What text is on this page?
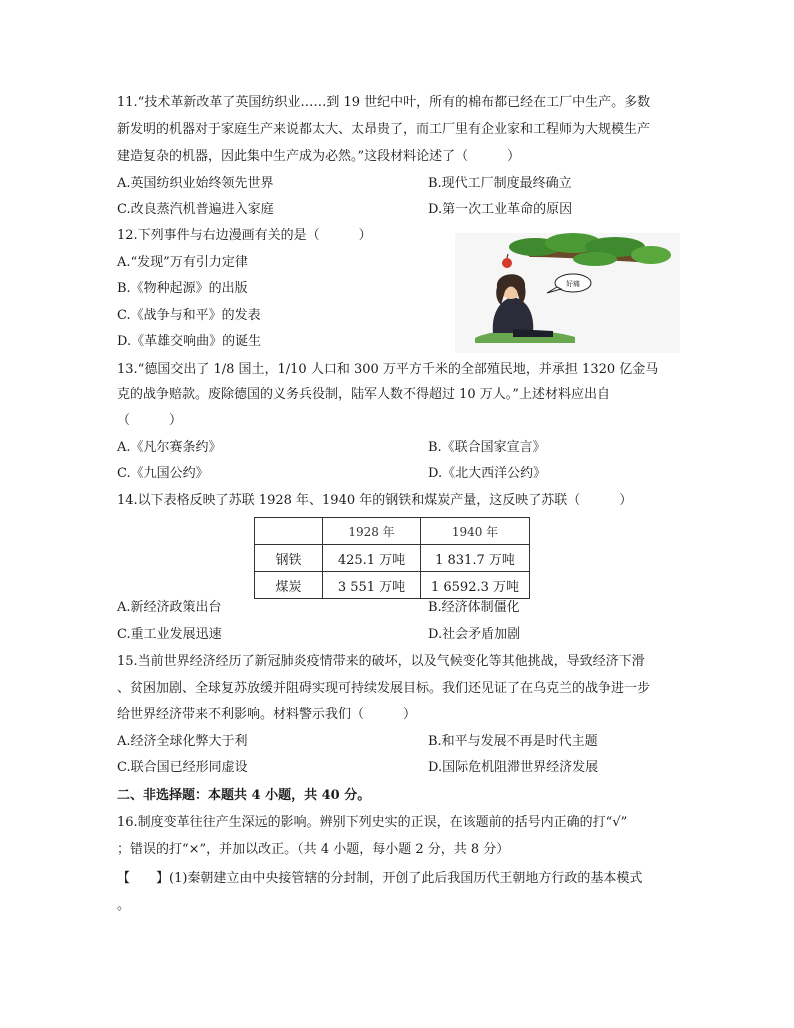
11.“技术革新改革了英国纺织业……到 19 世纪中叶，所有的棉布都已经在工厂中生产。多数
新发明的机器对于家庭生产来说都太大、太昂贵了，而工厂里有企业家和工程师为大规模生产
建造复杂的机器，因此集中生产成为必然。”这段材料论述了（　　　）
A.英国纺织业始终领先世界	B.现代工厂制度最终确立
C.改良蒸汽机普遍进入家庭	D.第一次工业革命的原因
12.下列事件与右边漫画有关的是（　　　）
A.“发现”万有引力定律
B.《物种起源》的出版
C.《战争与和平》的发表
D.《革雄交响曲》的诞生
好痛
13.“德国交出了 1/8 国土，1/10 人口和 300 万平方千米的全部殖民地，并承担 1320 亿金马
克的战争赔款。废除德国的义务兵役制，陆军人数不得超过 10 万人。”上述材料应出自
（　　　）
A.《凡尔赛条约》	B.《联合国家宣言》
C.《九国公约》	D.《北大西洋公约》
14.以下表格反映了苏联 1928 年、1940 年的钢铁和煤炭产量，这反映了苏联（　　　）
	1928 年	1940 年
钢铁	425.1 万吨	1 831.7 万吨
煤炭	3 551 万吨	1 6592.3 万吨
A.新经济政策出台	B.经济体制僵化
C.重工业发展迅速	D.社会矛盾加剧
15.当前世界经济经历了新冠肺炎疫情带来的破坏，以及气候变化等其他挑战，导致经济下滑
、贫困加剧、全球复苏放缓并阻碍实现可持续发展目标。我们还见证了在乌克兰的战争进一步
给世界经济带来不利影响。材料警示我们（　　　）
A.经济全球化弊大于利	B.和平与发展不再是时代主题
C.联合国已经形同虚设	D.国际危机阻滞世界经济发展
二、非选择题：本题共 4 小题，共 40 分。
16.制度变革往往产生深远的影响。辨别下列史实的正误，在该题前的括号内正确的打“√”
；错误的打“×”，并加以改正。（共 4 小题，每小题 2 分，共 8 分）
【　　】(1)秦朝建立由中央接管辖的分封制，开创了此后我国历代王朝地方行政的基本模式
。
